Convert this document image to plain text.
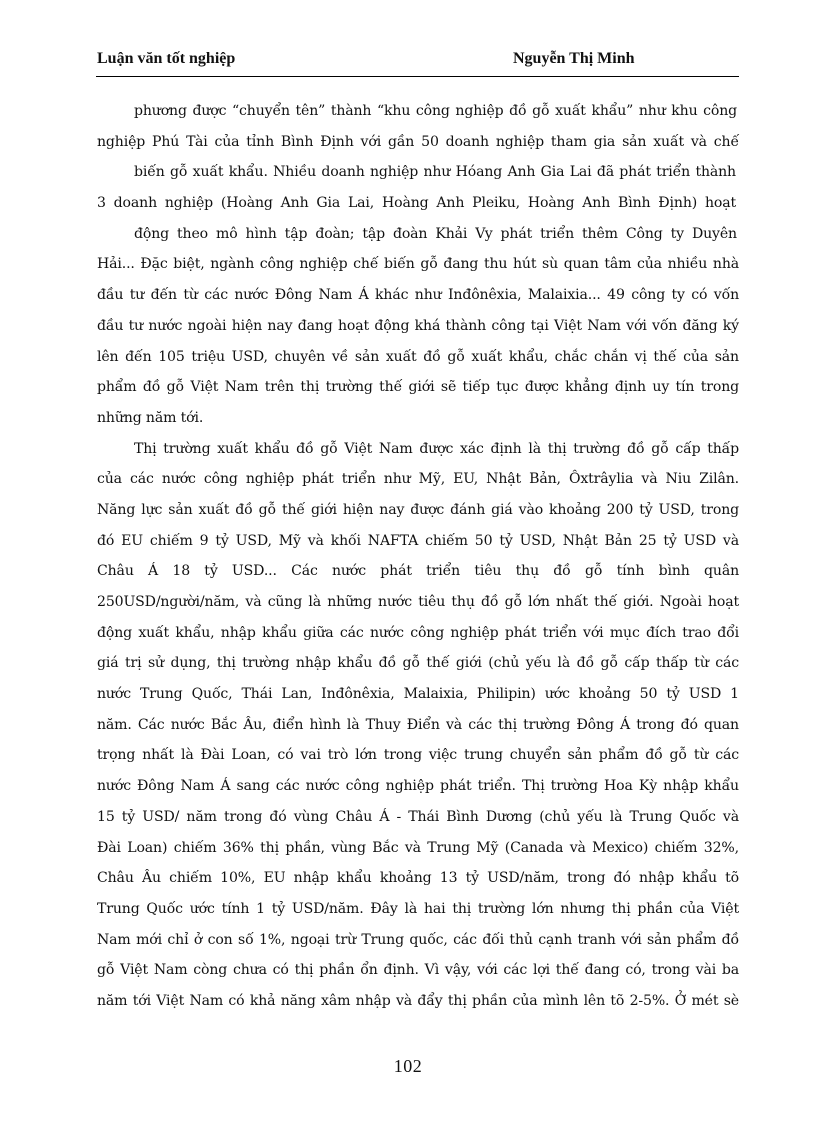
Luận văn tốt nghiệp	Nguyễn Thị Minh
phương được “chuyển tên” thành “khu công nghiệp đồ gỗ xuất khẩu” như khu công
nghiệp Phú Tài của tỉnh Bình Định với gần 50 doanh nghiệp tham gia sản xuất và chế
biến gỗ xuất khẩu. Nhiều doanh nghiệp như Hóang Anh Gia Lai đã phát triển thành
3 doanh nghiệp (Hoàng Anh Gia Lai, Hoàng Anh Pleiku, Hoàng Anh Bình Định) hoạt
động theo mô hình tập đoàn; tập đoàn Khải Vy phát triển thêm Công ty Duyên
Hải... Đặc biệt, ngành công nghiệp chế biến gỗ đang thu hút sù quan tâm của nhiều nhà
đầu tư đến từ các nước Đông Nam Á khác như Inđônêxia, Malaixia... 49 công ty có vốn
đầu tư nước ngoài hiện nay đang hoạt động khá thành công tại Việt Nam với vốn đăng ký
lên đến 105 triệu USD, chuyên về sản xuất đồ gỗ xuất khẩu, chắc chắn vị thế của sản
phẩm đồ gỗ Việt Nam trên thị trường thế giới sẽ tiếp tục được khẳng định uy tín trong
những năm tới.
Thị trường xuất khẩu đồ gỗ Việt Nam được xác định là thị trường đồ gỗ cấp thấp
của các nước công nghiệp phát triển như Mỹ, EU, Nhật Bản, Ôxtrâylia và Niu Zilân.
Năng lực sản xuất đồ gỗ thế giới hiện nay được đánh giá vào khoảng 200 tỷ USD, trong
đó EU chiếm 9 tỷ USD, Mỹ và khối NAFTA chiếm 50 tỷ USD, Nhật Bản 25 tỷ USD và
Châu Á 18 tỷ USD... Các nước phát triển tiêu thụ đồ gỗ tính bình quân
250USD/người/năm, và cũng là những nước tiêu thụ đồ gỗ lớn nhất thế giới. Ngoài hoạt
động xuất khẩu, nhập khẩu giữa các nước công nghiệp phát triển với mục đích trao đổi
giá trị sử dụng, thị trường nhập khẩu đồ gỗ thế giới (chủ yếu là đồ gỗ cấp thấp từ các
nước Trung Quốc, Thái Lan, Inđônêxia, Malaixia, Philipin) ước khoảng 50 tỷ USD 1
năm. Các nước Bắc Âu, điển hình là Thuy Điển và các thị trường Đông Á trong đó quan
trọng nhất là Đài Loan, có vai trò lớn trong việc trung chuyển sản phẩm đồ gỗ từ các
nước Đông Nam Á sang các nước công nghiệp phát triển. Thị trường Hoa Kỳ nhập khẩu
15 tỷ USD/ năm trong đó vùng Châu Á - Thái Bình Dương (chủ yếu là Trung Quốc và
Đài Loan) chiếm 36% thị phần, vùng Bắc và Trung Mỹ (Canada và Mexico) chiếm 32%,
Châu Âu chiếm 10%, EU nhập khẩu khoảng 13 tỷ USD/năm, trong đó nhập khẩu tõ
Trung Quốc ước tính 1 tỷ USD/năm. Đây là hai thị trường lớn nhưng thị phần của Việt
Nam mới chỉ ở con số 1%, ngoại trừ Trung quốc, các đối thủ cạnh tranh với sản phẩm đồ
gỗ Việt Nam còng chưa có thị phần ổn định. Vì vậy, với các lợi thế đang có, trong vài ba
năm tới Việt Nam có khả năng xâm nhập và đẩy thị phần của mình lên tõ 2-5%. Ở mét sè
102
